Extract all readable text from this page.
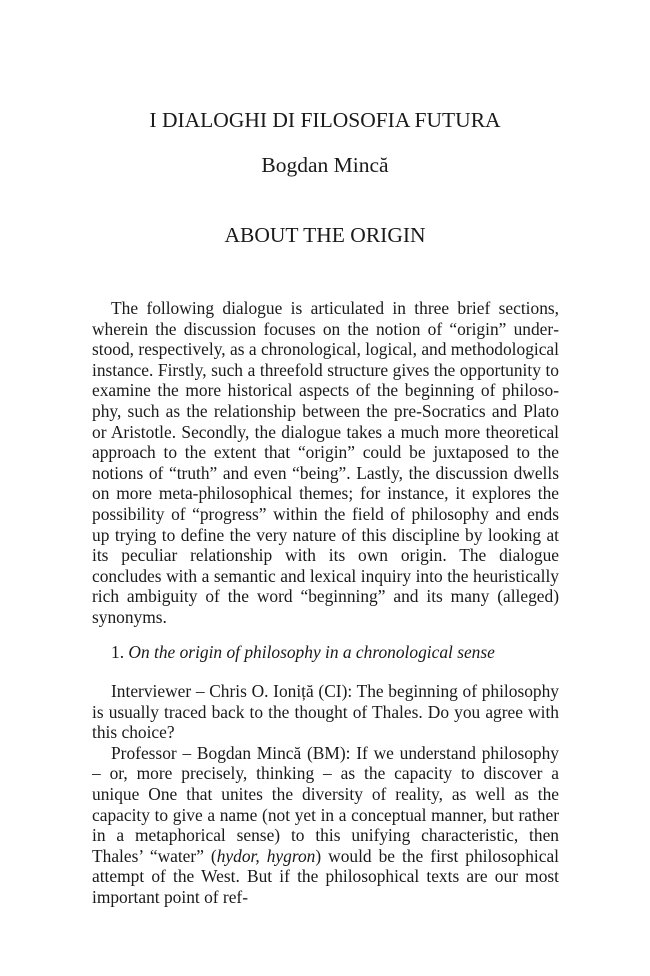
I DIALOGHI DI FILOSOFIA FUTURA
Bogdan Mincă
ABOUT THE ORIGIN

The following dialogue is articulated in three brief sections, wherein the discussion focuses on the notion of “origin” understood, respectively, as a chronological, logical, and methodological instance. Firstly, such a threefold structure gives the opportunity to examine the more historical aspects of the beginning of philosophy, such as the relationship between the pre-Socratics and Plato or Aristotle. Secondly, the dialogue takes a much more theoretical approach to the extent that “origin” could be juxtaposed to the notions of “truth” and even “being”. Lastly, the discussion dwells on more meta-philosophical themes; for instance, it explores the possibility of “progress” within the field of philosophy and ends up trying to define the very nature of this discipline by looking at its peculiar relationship with its own origin. The dialogue concludes with a semantic and lexical inquiry into the heuristically rich ambiguity of the word “beginning” and its many (alleged) synonyms.

1. On the origin of philosophy in a chronological sense

Interviewer – Chris O. Ioniță (CI): The beginning of philosophy is usually traced back to the thought of Thales. Do you agree with this choice?

Professor – Bogdan Mincă (BM): If we understand philosophy – or, more precisely, thinking – as the capacity to discover a unique One that unites the diversity of reality, as well as the capacity to give a name (not yet in a conceptual manner, but rather in a metaphorical sense) to this unifying characteristic, then Thales’ “water” (hydor, hygron) would be the first philosophical attempt of the West. But if the philosophical texts are our most important point of ref-
